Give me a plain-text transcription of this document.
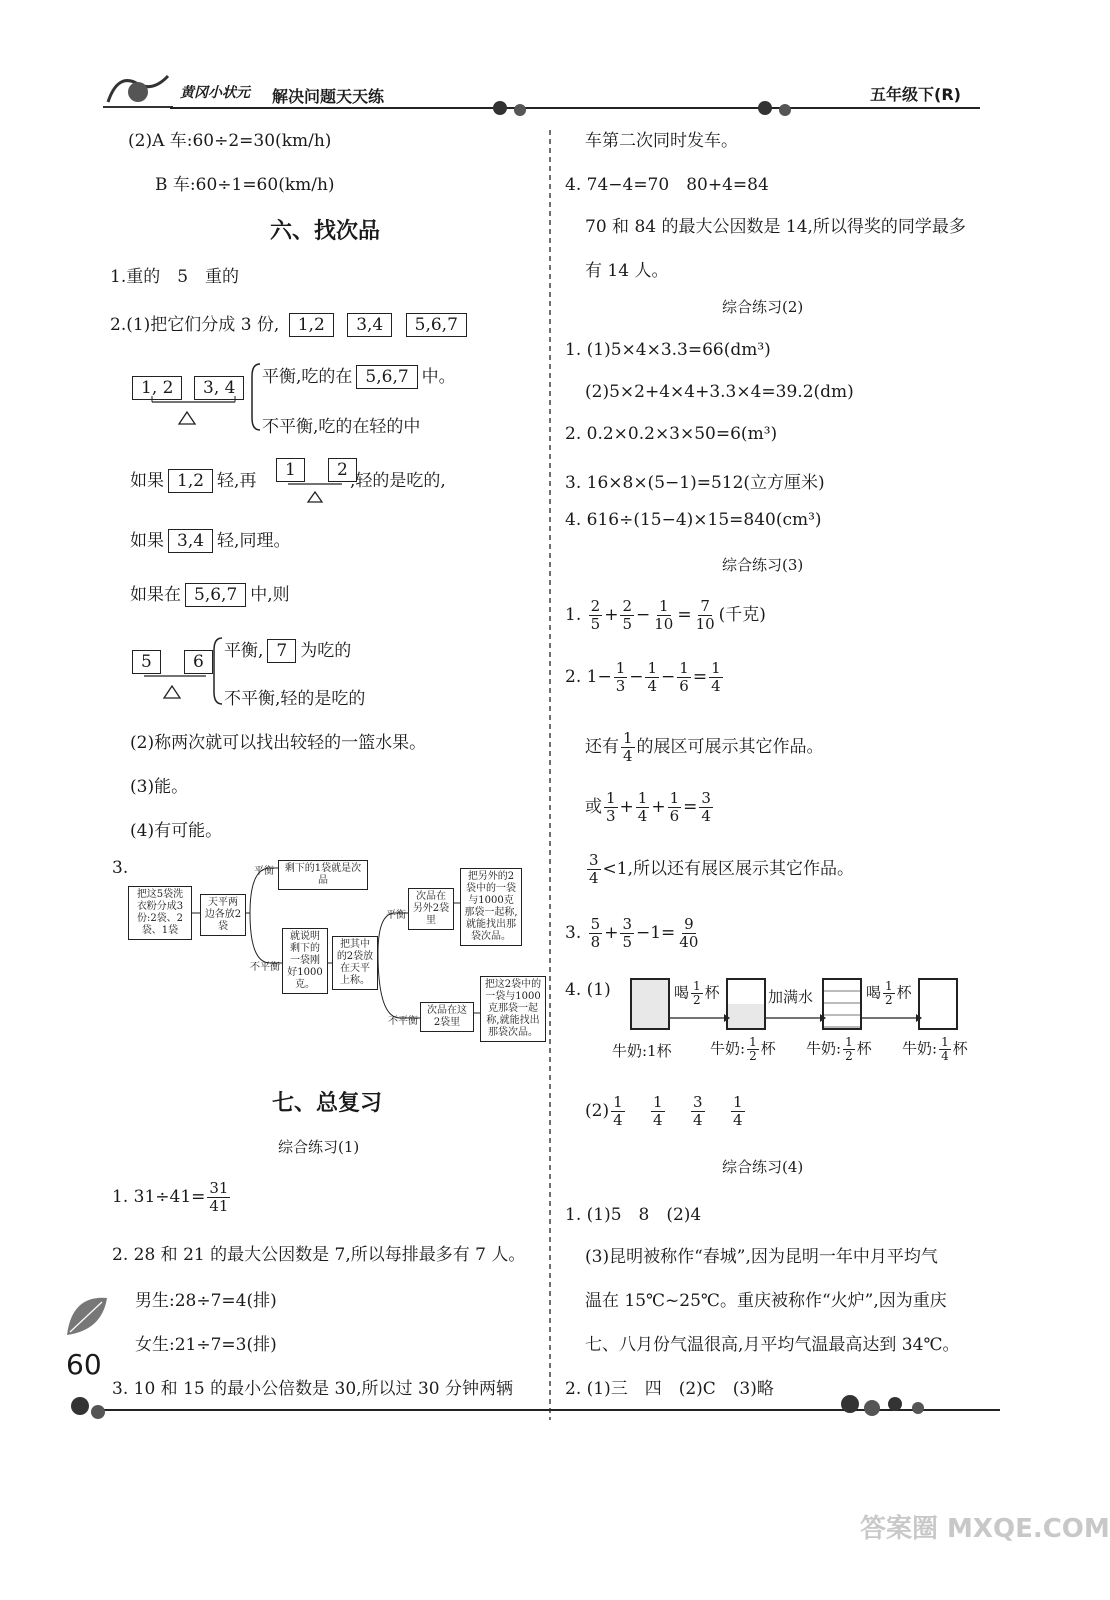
黄冈小状元 解决问题天天练	五年级下(R)
(2)A 车:60÷2=30(km/h)
B 车:60÷1=60(km/h)
六、找次品
1.重的　5　重的
2.(1)把它们分成 3 份, 1,2 3,4 5,6,7
1, 2	3, 4
平衡,吃的在 5,6,7 中。
不平衡,吃的在轻的中
如果 1,2 轻,再
1	2
,轻的是吃的,
如果 3,4 轻,同理。
如果在 5,6,7 中,则
5	6
平衡, 7 为吃的
不平衡,轻的是吃的
(2)称两次就可以找出较轻的一篮水果。
(3)能。
(4)有可能。
3.
把这5袋洗衣粉分成3份:2袋、2袋、1袋
天平两边各放2袋
平衡	剩下的1袋就是次品
不平衡
就说明剩下的一袋刚好1000克。
把其中的2袋放在天平上称。
平衡
次品在另外2袋里
把另外的2袋中的一袋与1000克那袋一起称,就能找出那袋次品。
不平衡
次品在这2袋里
把这2袋中的一袋与1000克那袋一起称,就能找出那袋次品。
七、总复习
综合练习(1)
1. $31\div 41= \frac{31}{41}$
2. 28 和 21 的最大公因数是 7,所以每排最多有 7 人。
男生:28÷7=4(排)
女生:21÷7=3(排)
3. 10 和 15 的最小公倍数是 30,所以过 30 分钟两辆
60
车第二次同时发车。
4. 74−4=70　80+4=84
70 和 84 的最大公因数是 14,所以得奖的同学最多
有 14 人。
综合练习(2)
1. (1)5×4×3.3=66(dm³)
(2)5×2+4×4+3.3×4=39.2(dm)
2. 0.2×0.2×3×50=6(m³)
3. 16×8×(5−1)=512(立方厘米)
4. 616÷(15−4)×15=840(cm³)
综合练习(3)
1. $\frac{2}{5} + \frac{2}{5} - \frac{1}{10} = \frac{7}{10}$ (千克)
2. $1- \frac{1}{3} - \frac{1}{4} - \frac{1}{6} = \frac{1}{4}$
还有 $\frac{1}{4}$ 的展区可展示其它作品。
或 $\frac{1}{3} + \frac{1}{4} + \frac{1}{6} = \frac{3}{4}$
$\frac{3}{4} <1$,所以还有展区展示其它作品。
3. $\frac{5}{8} + \frac{3}{5} -1= \frac{9}{40}$
4. (1)	喝 $\frac{1}{2}$ 杯	加满水	喝 $\frac{1}{2}$ 杯
牛奶:1杯	牛奶: $\frac{1}{2}$ 杯 牛奶: $\frac{1}{2}$ 杯 牛奶: $\frac{1}{4}$ 杯
$(2) \frac{1}{4}$
　 $\frac{1}{4}$
　 $\frac{3}{4}$
　 $\frac{1}{4}$
综合练习(4)
1. (1)5　8　(2)4
(3)昆明被称作“春城”,因为昆明一年中月平均气
温在 15℃~25℃。重庆被称作“火炉”,因为重庆
七、八月份气温很高,月平均气温最高达到 34℃。
2. (1)三　四　(2)C　(3)略
答案圈 MXQE.COM
